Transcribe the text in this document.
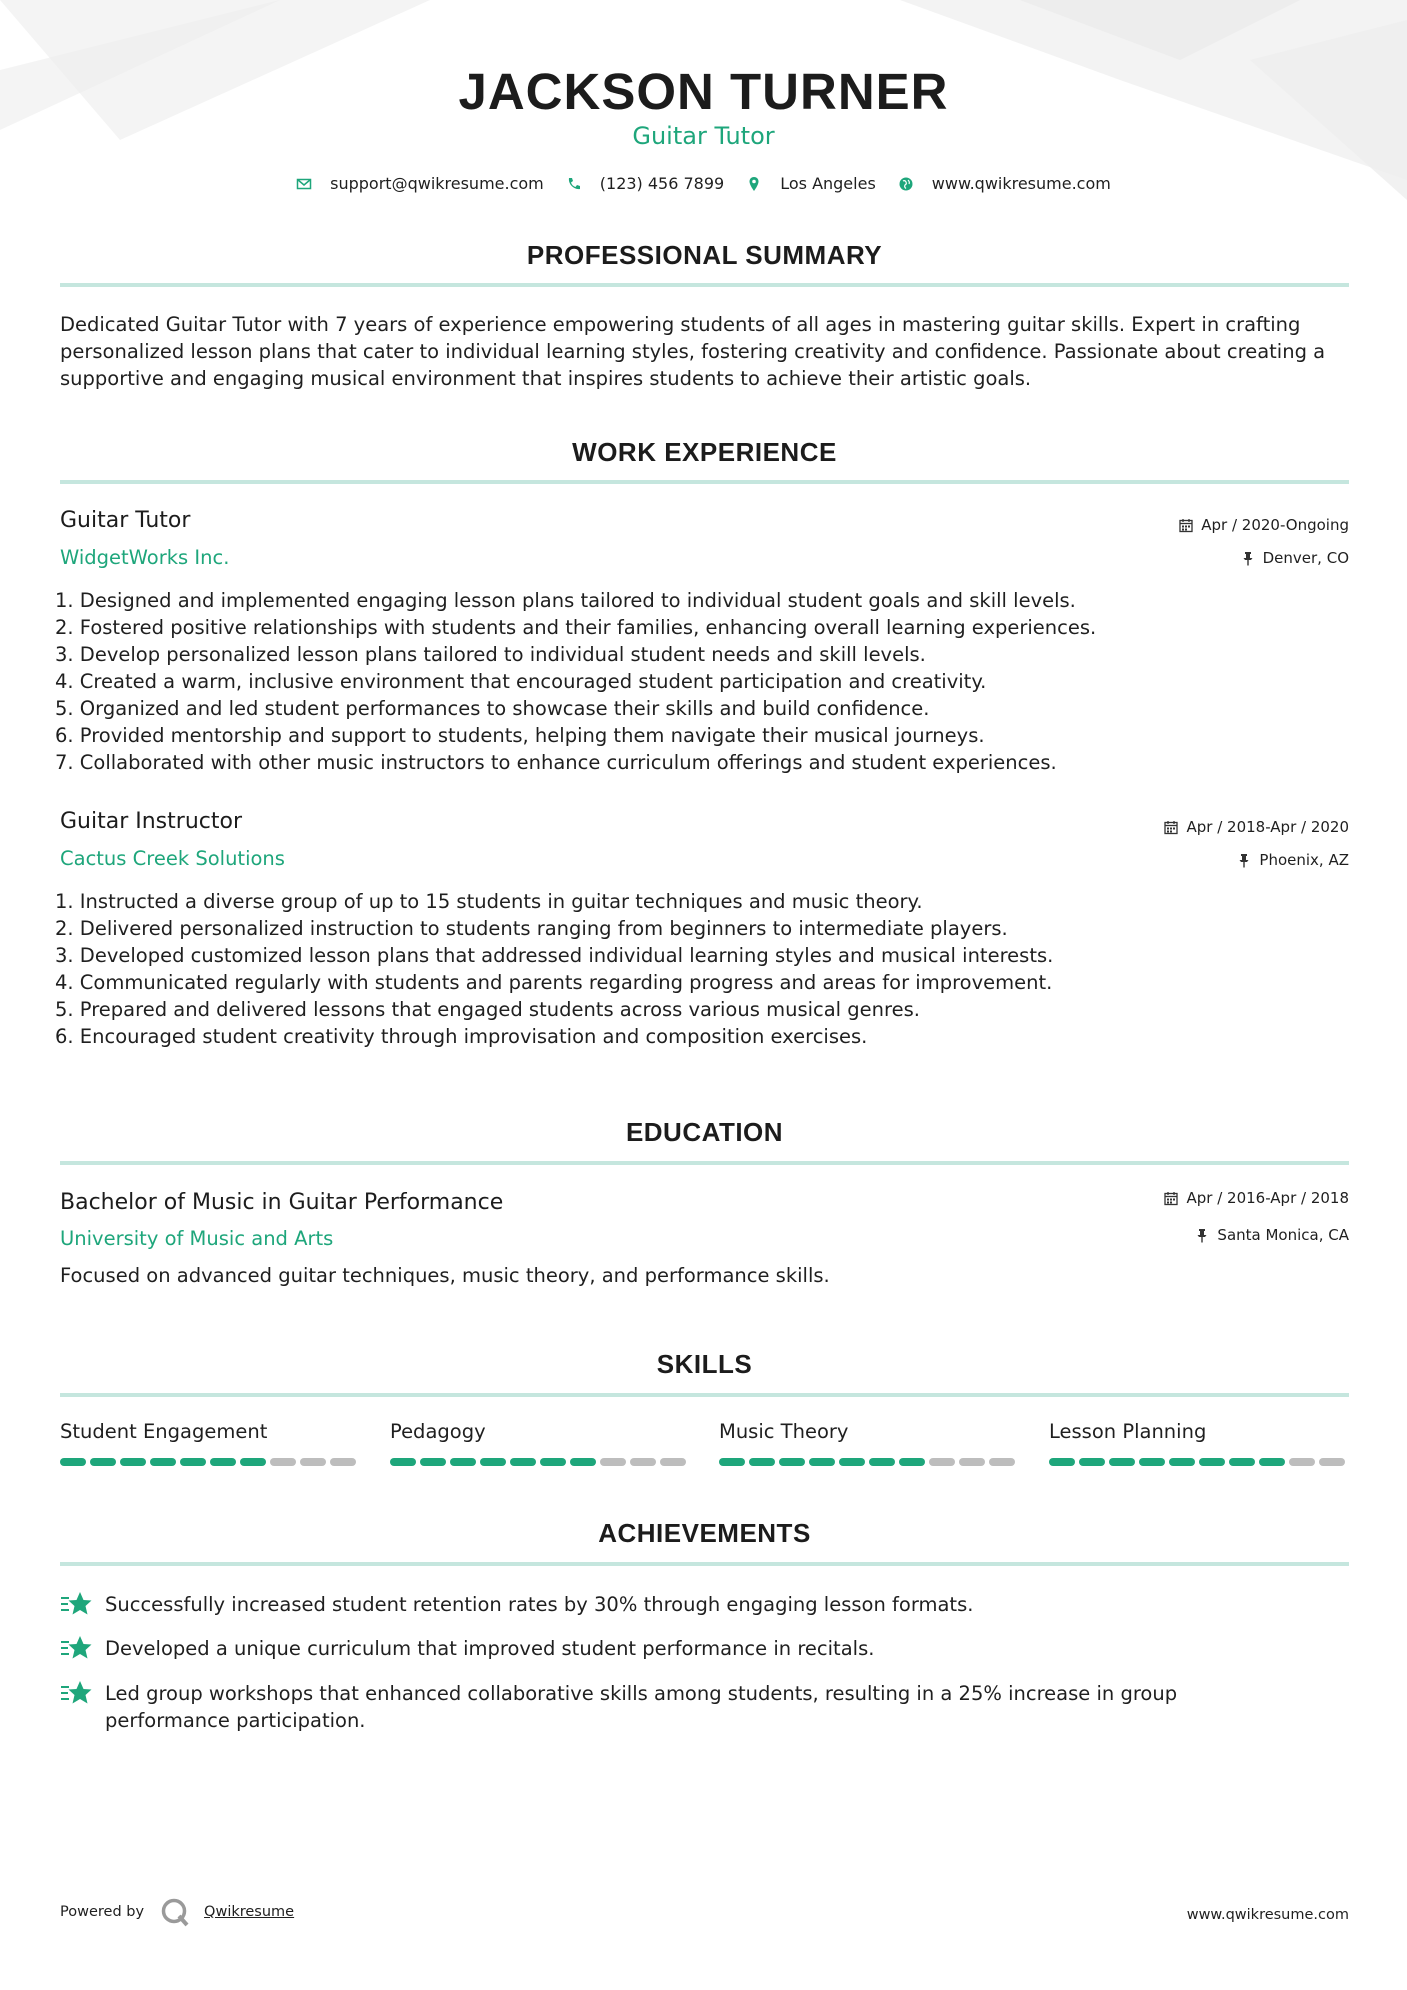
JACKSON TURNER
Guitar Tutor
support@qwikresume.com	(123) 456 7899	Los Angeles	www.qwikresume.com
PROFESSIONAL SUMMARY
Dedicated Guitar Tutor with 7 years of experience empowering students of all ages in mastering guitar skills. Expert in crafting personalized lesson plans that cater to individual learning styles, fostering creativity and confidence. Passionate about creating a supportive and engaging musical environment that inspires students to achieve their artistic goals.
WORK EXPERIENCE
Guitar Tutor
WidgetWorks Inc.
Apr / 2020-Ongoing
Denver, CO
1. Designed and implemented engaging lesson plans tailored to individual student goals and skill levels.
2. Fostered positive relationships with students and their families, enhancing overall learning experiences.
3. Develop personalized lesson plans tailored to individual student needs and skill levels.
4. Created a warm, inclusive environment that encouraged student participation and creativity.
5. Organized and led student performances to showcase their skills and build confidence.
6. Provided mentorship and support to students, helping them navigate their musical journeys.
7. Collaborated with other music instructors to enhance curriculum offerings and student experiences.
Guitar Instructor
Cactus Creek Solutions
Apr / 2018-Apr / 2020
Phoenix, AZ
1. Instructed a diverse group of up to 15 students in guitar techniques and music theory.
2. Delivered personalized instruction to students ranging from beginners to intermediate players.
3. Developed customized lesson plans that addressed individual learning styles and musical interests.
4. Communicated regularly with students and parents regarding progress and areas for improvement.
5. Prepared and delivered lessons that engaged students across various musical genres.
6. Encouraged student creativity through improvisation and composition exercises.
EDUCATION
Bachelor of Music in Guitar Performance
University of Music and Arts
Apr / 2016-Apr / 2018
Santa Monica, CA
Focused on advanced guitar techniques, music theory, and performance skills.
SKILLS
Student Engagement	Pedagogy	Music Theory	Lesson Planning
ACHIEVEMENTS
Successfully increased student retention rates by 30% through engaging lesson formats.
Developed a unique curriculum that improved student performance in recitals.
Led group workshops that enhanced collaborative skills among students, resulting in a 25% increase in group performance participation.
Powered by	Qwikresume	www.qwikresume.com
